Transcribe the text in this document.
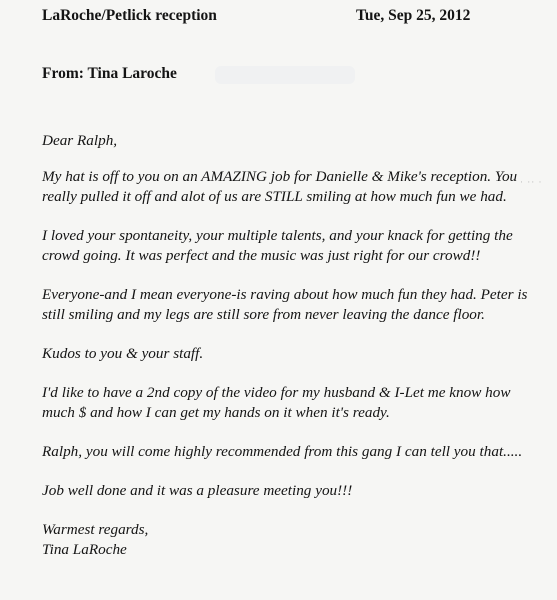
LaRoche/Petlick reception	Tue, Sep 25, 2012
From: Tina Laroche

Dear Ralph,

My hat is off to you on an AMAZING job for Danielle & Mike's reception. You really pulled it off and alot of us are STILL smiling at how much fun we had.

I loved your spontaneity, your multiple talents, and your knack for getting the crowd going. It was perfect and the music was just right for our crowd!!

Everyone-and I mean everyone-is raving about how much fun they had. Peter is still smiling and my legs are still sore from never leaving the dance floor.

Kudos to you & your staff.

I'd like to have a 2nd copy of the video for my husband & I-Let me know how much $ and how I can get my hands on it when it's ready.

Ralph, you will come highly recommended from this gang I can tell you that.....

Job well done and it was a pleasure meeting you!!!

Warmest regards,
Tina LaRoche
· ·· ·
